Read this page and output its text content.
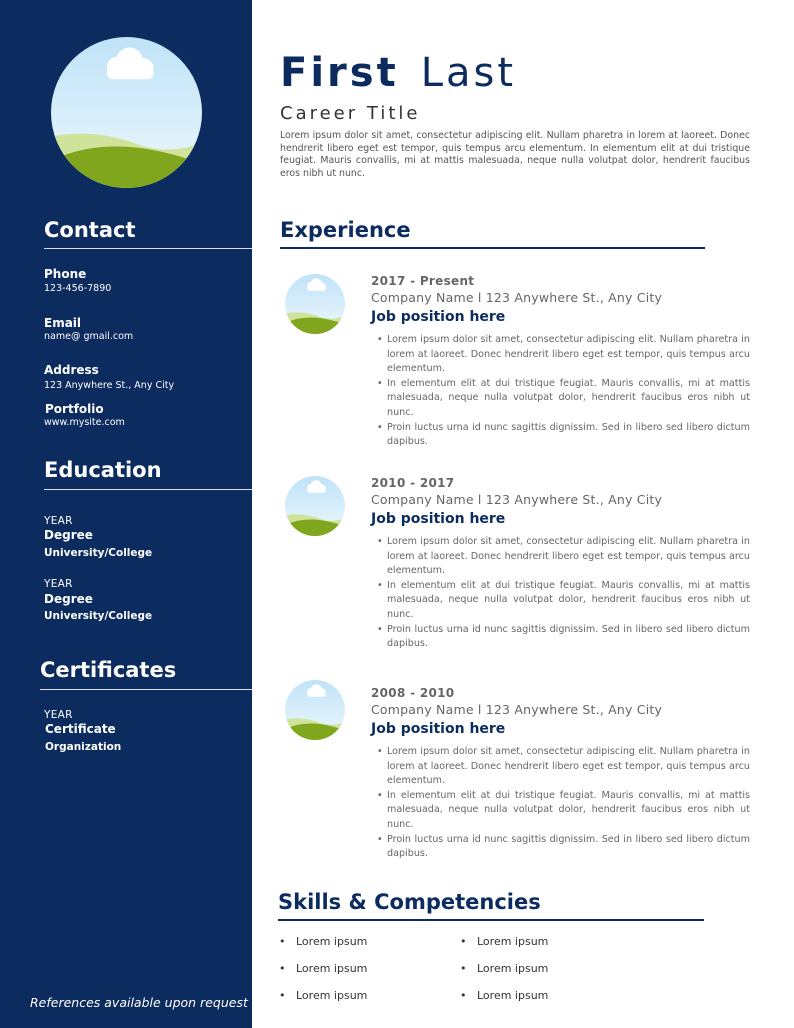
Contact
Phone
123-456-7890
Email
name@ gmail.com
Address
123 Anywhere St., Any City
Portfolio
www.mysite.com
Education
YEAR
Degree
University/College
YEAR
Degree
University/College
Certificates
YEAR
Certificate
Organization
References available upon request
First Last
Career Title
Lorem ipsum dolor sit amet, consectetur adipiscing elit. Nullam pharetra in lorem at laoreet. Donec hendrerit libero eget est tempor, quis tempus arcu elementum. In elementum elit at dui tristique feugiat. Mauris convallis, mi at mattis malesuada, neque nulla volutpat dolor, hendrerit faucibus eros nibh ut nunc.
Experience
2017 - Present
Company Name l 123 Anywhere St., Any City
Job position here
• Lorem ipsum dolor sit amet, consectetur adipiscing elit. Nullam pharetra in lorem at laoreet. Donec hendrerit libero eget est tempor, quis tempus arcu elementum.
• In elementum elit at dui tristique feugiat. Mauris convallis, mi at mattis malesuada, neque nulla volutpat dolor, hendrerit faucibus eros nibh ut nunc.
• Proin luctus urna id nunc sagittis dignissim. Sed in libero sed libero dictum dapibus.
2010 - 2017
Company Name l 123 Anywhere St., Any City
Job position here
• Lorem ipsum dolor sit amet, consectetur adipiscing elit. Nullam pharetra in lorem at laoreet. Donec hendrerit libero eget est tempor, quis tempus arcu elementum.
• In elementum elit at dui tristique feugiat. Mauris convallis, mi at mattis malesuada, neque nulla volutpat dolor, hendrerit faucibus eros nibh ut nunc.
• Proin luctus urna id nunc sagittis dignissim. Sed in libero sed libero dictum dapibus.
2008 - 2010
Company Name l 123 Anywhere St., Any City
Job position here
• Lorem ipsum dolor sit amet, consectetur adipiscing elit. Nullam pharetra in lorem at laoreet. Donec hendrerit libero eget est tempor, quis tempus arcu elementum.
• In elementum elit at dui tristique feugiat. Mauris convallis, mi at mattis malesuada, neque nulla volutpat dolor, hendrerit faucibus eros nibh ut nunc.
• Proin luctus urna id nunc sagittis dignissim. Sed in libero sed libero dictum dapibus.
Skills & Competencies
• Lorem ipsum
• Lorem ipsum
• Lorem ipsum
• Lorem ipsum
• Lorem ipsum
• Lorem ipsum
